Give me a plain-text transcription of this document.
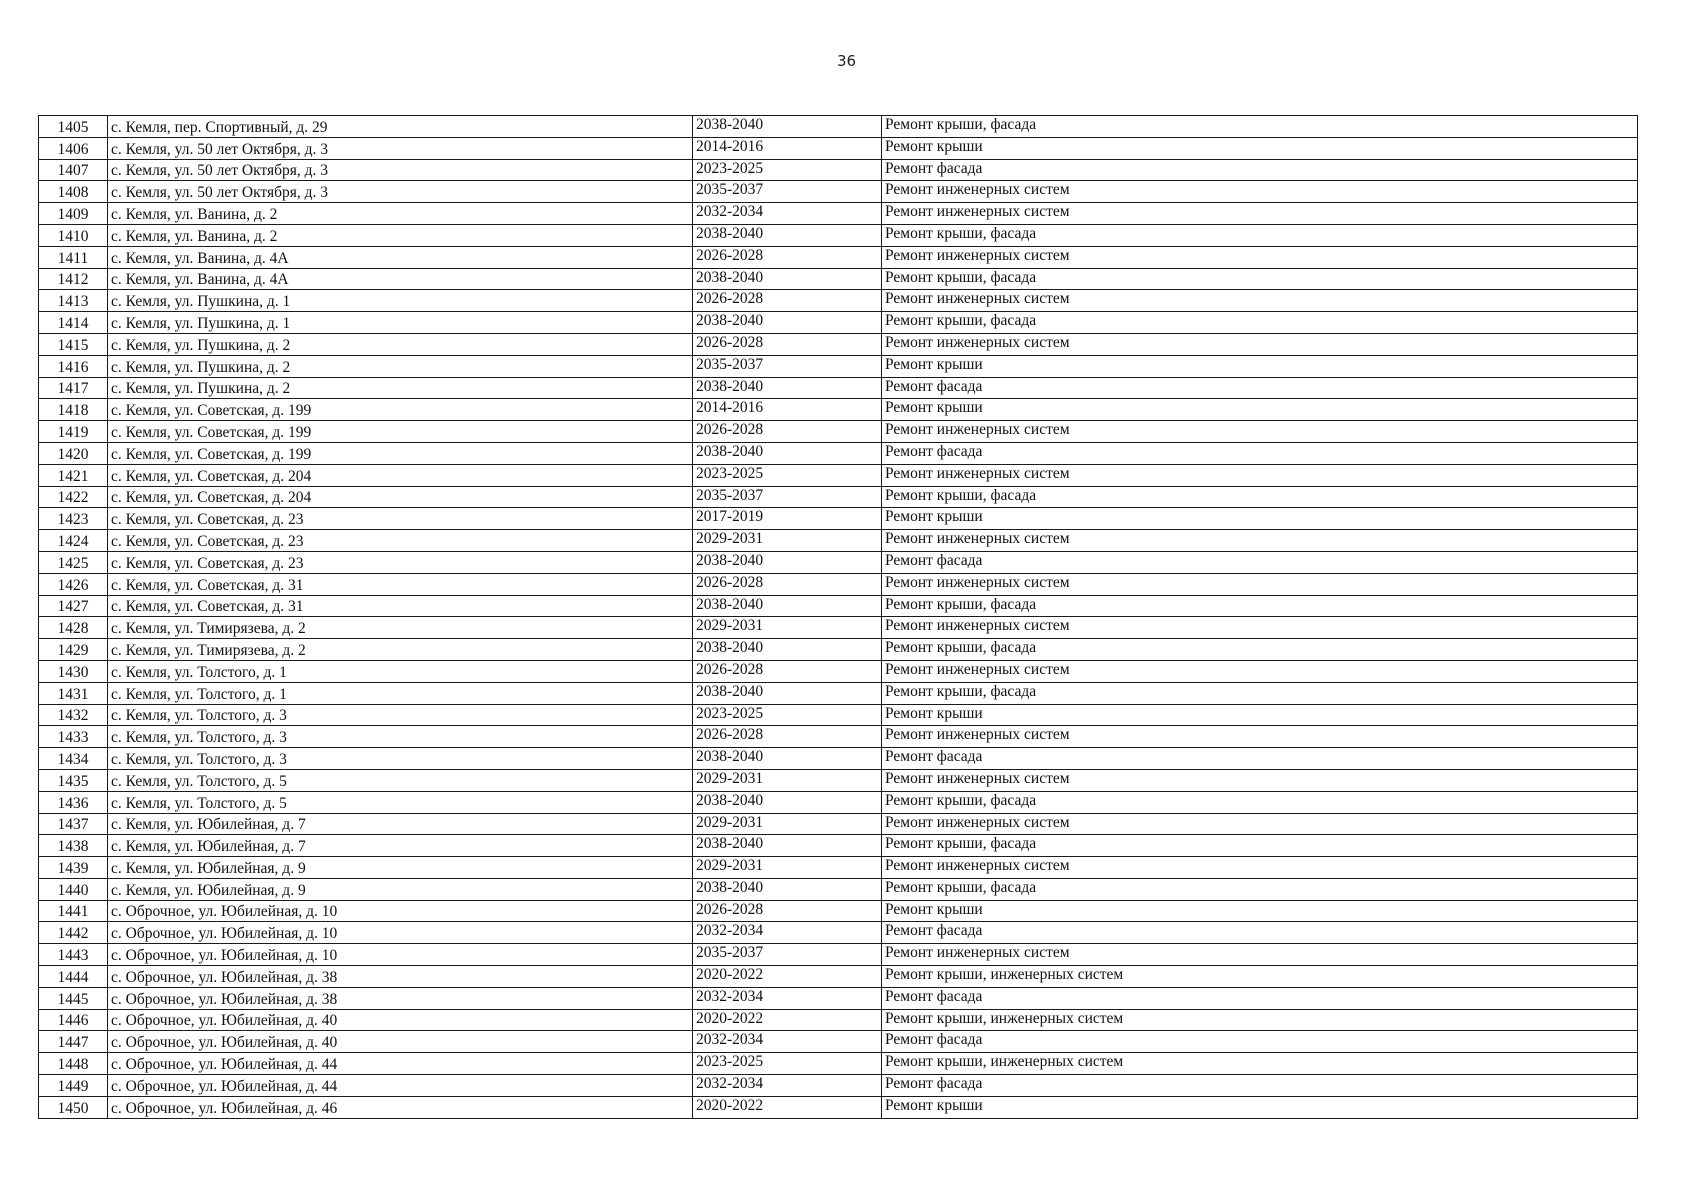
36
1405	с. Кемля, пер. Спортивный, д. 29	2038-2040	Ремонт крыши, фасада
1406	с. Кемля, ул. 50 лет Октября, д. 3	2014-2016	Ремонт крыши
1407	с. Кемля, ул. 50 лет Октября, д. 3	2023-2025	Ремонт фасада
1408	с. Кемля, ул. 50 лет Октября, д. 3	2035-2037	Ремонт инженерных систем
1409	с. Кемля, ул. Ванина, д. 2	2032-2034	Ремонт инженерных систем
1410	с. Кемля, ул. Ванина, д. 2	2038-2040	Ремонт крыши, фасада
1411	с. Кемля, ул. Ванина, д. 4А	2026-2028	Ремонт инженерных систем
1412	с. Кемля, ул. Ванина, д. 4А	2038-2040	Ремонт крыши, фасада
1413	с. Кемля, ул. Пушкина, д. 1	2026-2028	Ремонт инженерных систем
1414	с. Кемля, ул. Пушкина, д. 1	2038-2040	Ремонт крыши, фасада
1415	с. Кемля, ул. Пушкина, д. 2	2026-2028	Ремонт инженерных систем
1416	с. Кемля, ул. Пушкина, д. 2	2035-2037	Ремонт крыши
1417	с. Кемля, ул. Пушкина, д. 2	2038-2040	Ремонт фасада
1418	с. Кемля, ул. Советская, д. 199	2014-2016	Ремонт крыши
1419	с. Кемля, ул. Советская, д. 199	2026-2028	Ремонт инженерных систем
1420	с. Кемля, ул. Советская, д. 199	2038-2040	Ремонт фасада
1421	с. Кемля, ул. Советская, д. 204	2023-2025	Ремонт инженерных систем
1422	с. Кемля, ул. Советская, д. 204	2035-2037	Ремонт крыши, фасада
1423	с. Кемля, ул. Советская, д. 23	2017-2019	Ремонт крыши
1424	с. Кемля, ул. Советская, д. 23	2029-2031	Ремонт инженерных систем
1425	с. Кемля, ул. Советская, д. 23	2038-2040	Ремонт фасада
1426	с. Кемля, ул. Советская, д. 31	2026-2028	Ремонт инженерных систем
1427	с. Кемля, ул. Советская, д. 31	2038-2040	Ремонт крыши, фасада
1428	с. Кемля, ул. Тимирязева, д. 2	2029-2031	Ремонт инженерных систем
1429	с. Кемля, ул. Тимирязева, д. 2	2038-2040	Ремонт крыши, фасада
1430	с. Кемля, ул. Толстого, д. 1	2026-2028	Ремонт инженерных систем
1431	с. Кемля, ул. Толстого, д. 1	2038-2040	Ремонт крыши, фасада
1432	с. Кемля, ул. Толстого, д. 3	2023-2025	Ремонт крыши
1433	с. Кемля, ул. Толстого, д. 3	2026-2028	Ремонт инженерных систем
1434	с. Кемля, ул. Толстого, д. 3	2038-2040	Ремонт фасада
1435	с. Кемля, ул. Толстого, д. 5	2029-2031	Ремонт инженерных систем
1436	с. Кемля, ул. Толстого, д. 5	2038-2040	Ремонт крыши, фасада
1437	с. Кемля, ул. Юбилейная, д. 7	2029-2031	Ремонт инженерных систем
1438	с. Кемля, ул. Юбилейная, д. 7	2038-2040	Ремонт крыши, фасада
1439	с. Кемля, ул. Юбилейная, д. 9	2029-2031	Ремонт инженерных систем
1440	с. Кемля, ул. Юбилейная, д. 9	2038-2040	Ремонт крыши, фасада
1441	с. Оброчное, ул. Юбилейная, д. 10	2026-2028	Ремонт крыши
1442	с. Оброчное, ул. Юбилейная, д. 10	2032-2034	Ремонт фасада
1443	с. Оброчное, ул. Юбилейная, д. 10	2035-2037	Ремонт инженерных систем
1444	с. Оброчное, ул. Юбилейная, д. 38	2020-2022	Ремонт крыши, инженерных систем
1445	с. Оброчное, ул. Юбилейная, д. 38	2032-2034	Ремонт фасада
1446	с. Оброчное, ул. Юбилейная, д. 40	2020-2022	Ремонт крыши, инженерных систем
1447	с. Оброчное, ул. Юбилейная, д. 40	2032-2034	Ремонт фасада
1448	с. Оброчное, ул. Юбилейная, д. 44	2023-2025	Ремонт крыши, инженерных систем
1449	с. Оброчное, ул. Юбилейная, д. 44	2032-2034	Ремонт фасада
1450	с. Оброчное, ул. Юбилейная, д. 46	2020-2022	Ремонт крыши
